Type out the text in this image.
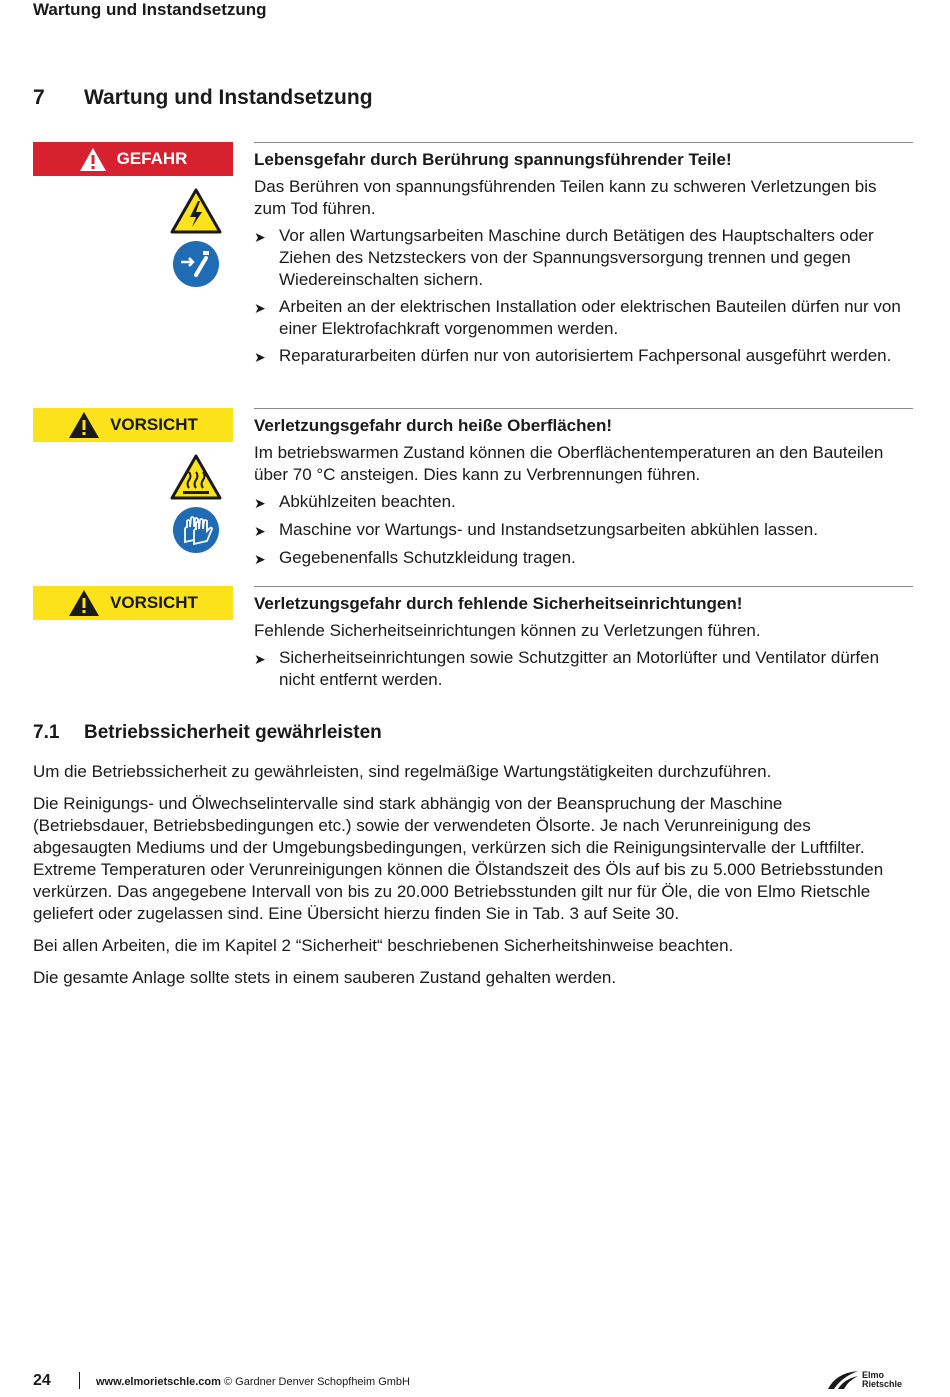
Wartung und Instandsetzung
7	Wartung und Instandsetzung
GEFAHR	Lebensgefahr durch Berührung spannungsführender Teile!
Das Berühren von spannungsführenden Teilen kann zu schweren Verletzungen bis zum Tod führen.
➤ Vor allen Wartungsarbeiten Maschine durch Betätigen des Hauptschalters oder Ziehen des Netzsteckers von der Spannungsversorgung trennen und gegen Wiedereinschalten sichern.
➤ Arbeiten an der elektrischen Installation oder elektrischen Bauteilen dürfen nur von einer Elektrofachkraft vorgenommen werden.
➤ Reparaturarbeiten dürfen nur von autorisiertem Fachpersonal ausgeführt werden.
VORSICHT	Verletzungsgefahr durch heiße Oberflächen!
Im betriebswarmen Zustand können die Oberflächentemperaturen an den Bauteilen über 70 °C ansteigen. Dies kann zu Verbrennungen führen.
➤ Abkühlzeiten beachten.
➤ Maschine vor Wartungs- und Instandsetzungsarbeiten abkühlen lassen.
➤ Gegebenenfalls Schutzkleidung tragen.
VORSICHT	Verletzungsgefahr durch fehlende Sicherheitseinrichtungen!
Fehlende Sicherheitseinrichtungen können zu Verletzungen führen.
➤ Sicherheitseinrichtungen sowie Schutzgitter an Motorlüfter und Ventilator dürfen nicht entfernt werden.
7.1	Betriebssicherheit gewährleisten

Um die Betriebssicherheit zu gewährleisten, sind regelmäßige Wartungstätigkeiten durchzuführen.

Die Reinigungs- und Ölwechselintervalle sind stark abhängig von der Beanspruchung der Maschine (Betriebsdauer, Betriebsbedingungen etc.) sowie der verwendeten Ölsorte. Je nach Verunreinigung des abgesaugten Mediums und der Umgebungsbedingungen, verkürzen sich die Reinigungsintervalle der Luftfilter. Extreme Temperaturen oder Verunreinigungen können die Ölstandszeit des Öls auf bis zu 5.000 Betriebsstunden verkürzen. Das angegebene Intervall von bis zu 20.000 Betriebsstunden gilt nur für Öle, die von Elmo Rietschle geliefert oder zugelassen sind. Eine Übersicht hierzu finden Sie in Tab. 3 auf Seite 30.

Bei allen Arbeiten, die im Kapitel 2 “Sicherheit“ beschriebenen Sicherheitshinweise beachten.

Die gesamte Anlage sollte stets in einem sauberen Zustand gehalten werden.

24	www.elmorietschle.com © Gardner Denver Schopfheim GmbH
Elmo
Rietschle
